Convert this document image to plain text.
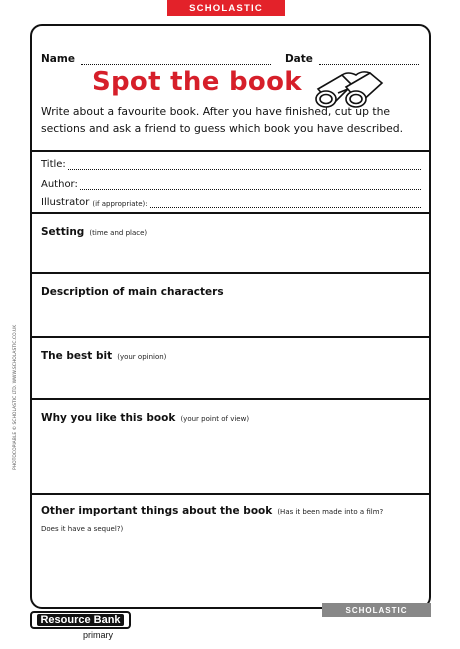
SCHOLASTIC
Name	Date
Spot the book
Write about a favourite book. After you have finished, cut up the sections and ask a friend to guess which book you have described.
Title:
Author:
Illustrator (if appropriate):
Setting (time and place)
Description of main characters
The best bit (your opinion)
Why you like this book (your point of view)
Other important things about the book (Has it been made into a film?
Does it have a sequel?)
PHOTOCOPIABLE © SCHOLASTIC LTD. WWW.SCHOLASTIC.CO.UK
SCHOLASTIC
Resource Bank
primary
